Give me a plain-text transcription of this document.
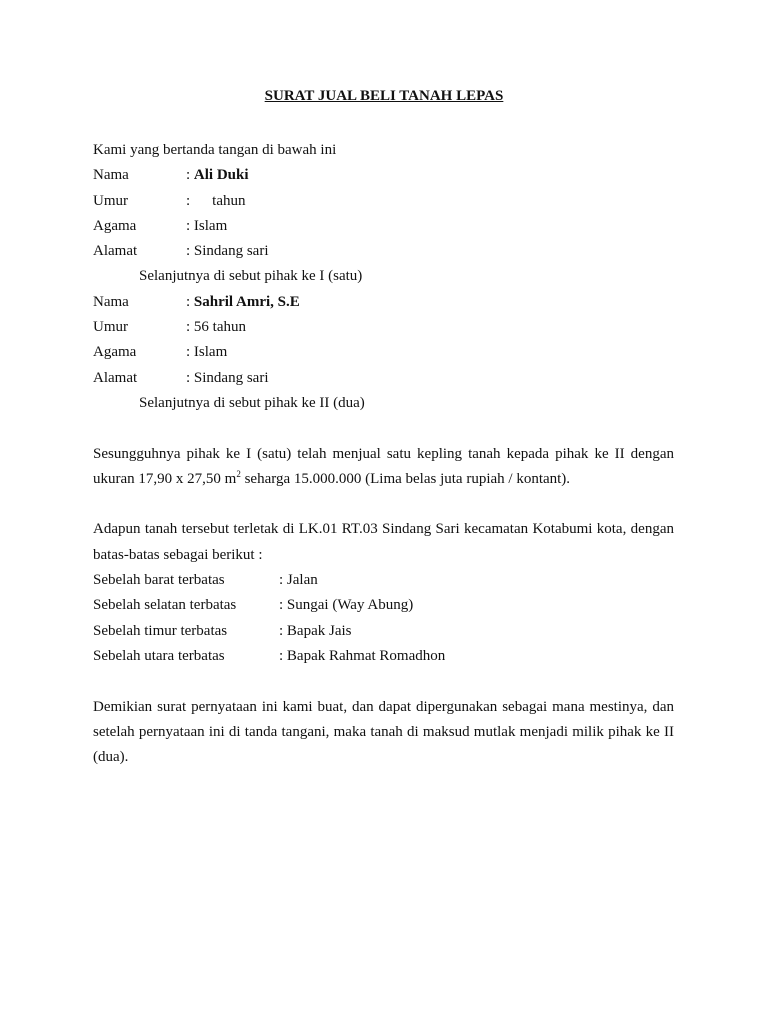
SURAT JUAL BELI TANAH LEPAS
Kami yang bertanda tangan di bawah ini
Nama	: Ali Duki
Umur	: tahun
Agama	: Islam
Alamat	: Sindang sari
Selanjutnya di sebut pihak ke I (satu)
Nama	: Sahril Amri, S.E
Umur	: 56 tahun
Agama	: Islam
Alamat	: Sindang sari
Selanjutnya di sebut pihak ke II (dua)
Sesungguhnya pihak ke I (satu) telah menjual satu kepling tanah kepada pihak ke II dengan ukuran 17,90 x 27,50 $m^2$ seharga 15.000.000 (Lima belas juta rupiah / kontant).
Adapun tanah tersebut terletak di LK.01 RT.03 Sindang Sari kecamatan Kotabumi kota, dengan batas-batas sebagai berikut :
Sebelah barat terbatas	: Jalan
Sebelah selatan terbatas	: Sungai (Way Abung)
Sebelah timur terbatas	: Bapak Jais
Sebelah utara terbatas	: Bapak Rahmat Romadhon
Demikian surat pernyataan ini kami buat, dan dapat dipergunakan sebagai mana mestinya, dan setelah pernyataan ini di tanda tangani, maka tanah di maksud mutlak menjadi milik pihak ke II (dua).
